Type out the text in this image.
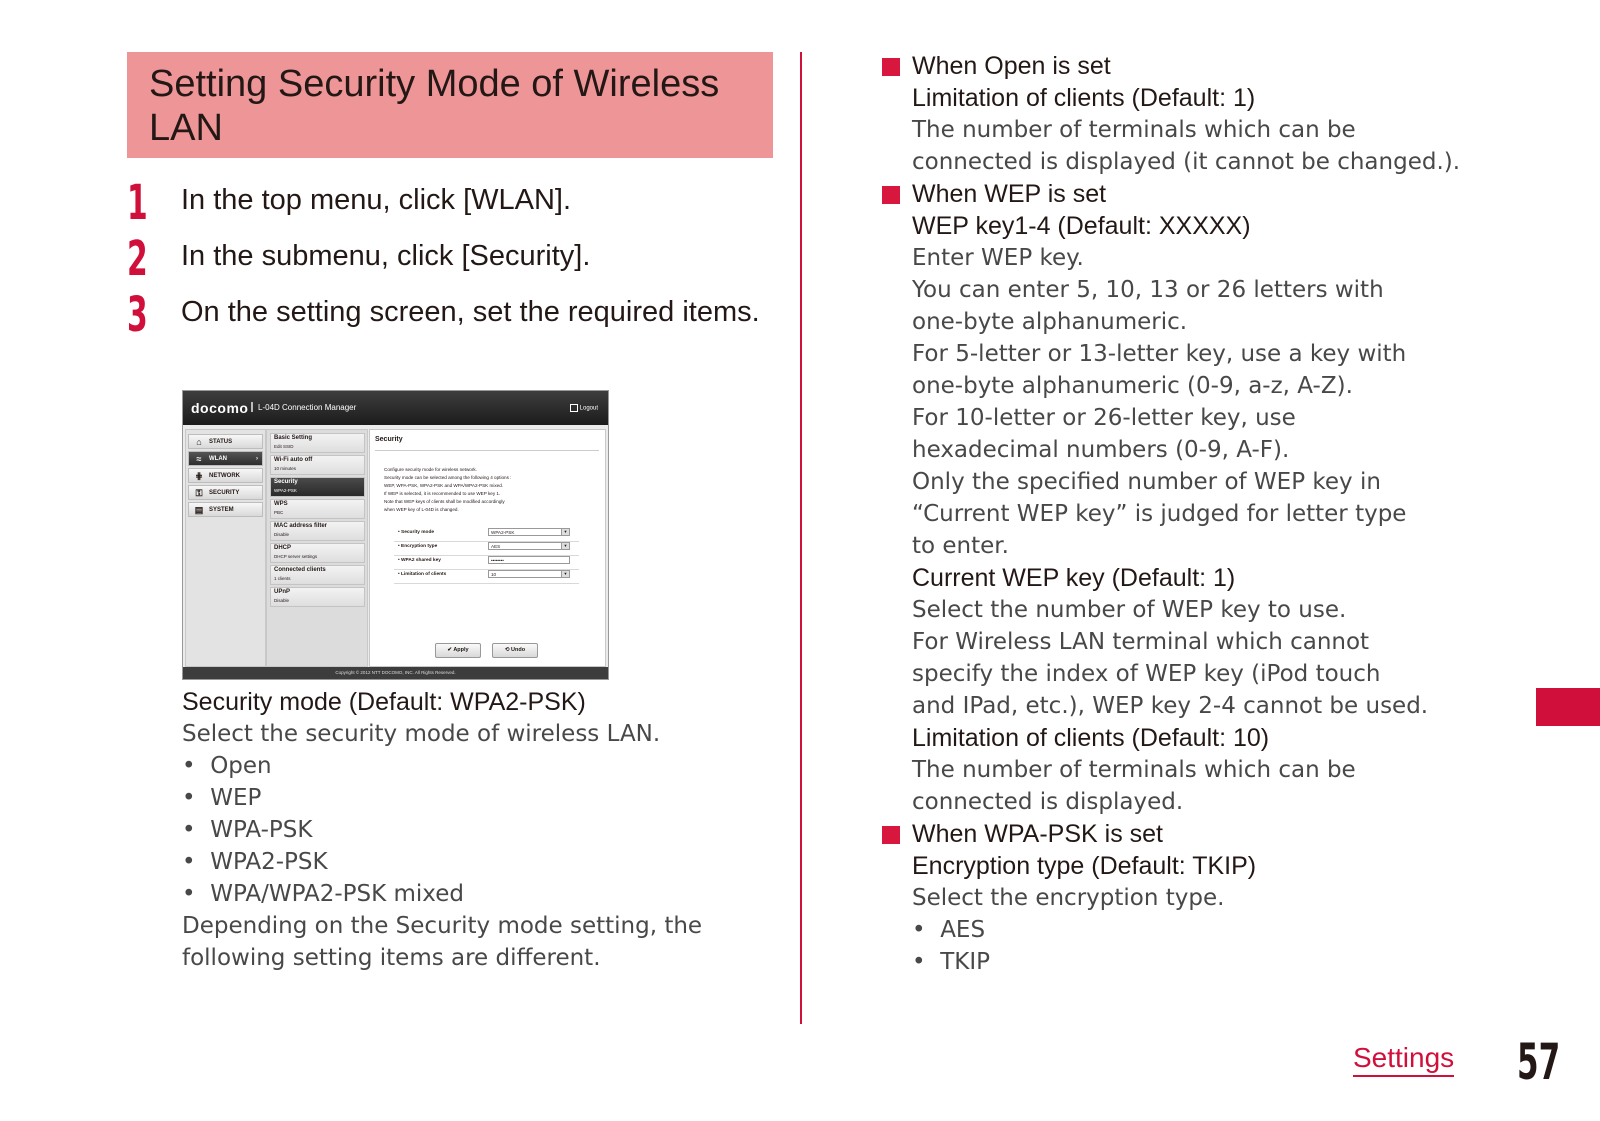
Setting Security Mode of Wireless LAN
1 In the top menu, click [WLAN].
2 In the submenu, click [Security].
3 On the setting screen, set the required items.
docomo L-04D Connection Manager	Logout
⌂	STATUS
≈	WLAN	›
⋕ NETWORK
⚿ SECURITY
▤ SYSTEM
Basic Setting
Edit SSID
Wi-Fi auto off
10 minutes
Security
WPA2-PSK
WPS
PBC
MAC address filter
Disable
DHCP
DHCP server settings
Connected clients
1 clients
UPnP
Disable
Security
Configure security mode for wireless network.
Security mode can be selected among the following 4 options :
WEP, WPA-PSK, WPA2-PSK and WPA/WPA2-PSK mixed.
If WEP is selected, it is recommended to use WEP key 1.
Note that WEP keys of clients shall be modified accordingly
when WEP key of L-04D is changed.
• Security mode	WPA2-PSK	▼
• Encryption type	AES	▼
• WPA2 shared key	••••••••
• Limitation of clients	10	▼
✔ Apply	⟲ Undo
Copyright © 2012 NTT DOCOMO, INC. All Rights Reserved.
Security mode (Default: WPA2-PSK)
Select the security mode of wireless LAN.
•  Open
•  WEP
•  WPA-PSK
•  WPA2-PSK
•  WPA/WPA2-PSK mixed
Depending on the Security mode setting, the
following setting items are different.
When Open is set
Limitation of clients (Default: 1)
The number of terminals which can be
connected is displayed (it cannot be changed.).
When WEP is set
WEP key1-4 (Default: XXXXX)
Enter WEP key.
You can enter 5, 10, 13 or 26 letters with
one-byte alphanumeric.
For 5-letter or 13-letter key, use a key with
one-byte alphanumeric (0-9, a-z, A-Z).
For 10-letter or 26-letter key, use
hexadecimal numbers (0-9, A-F).
Only the specified number of WEP key in
“Current WEP key” is judged for letter type
to enter.
Current WEP key (Default: 1)
Select the number of WEP key to use.
For Wireless LAN terminal which cannot
specify the index of WEP key (iPod touch
and IPad, etc.), WEP key 2-4 cannot be used.
Limitation of clients (Default: 10)
The number of terminals which can be
connected is displayed.
When WPA-PSK is set
Encryption type (Default: TKIP)
Select the encryption type.
•  AES
•  TKIP
Settings 57
